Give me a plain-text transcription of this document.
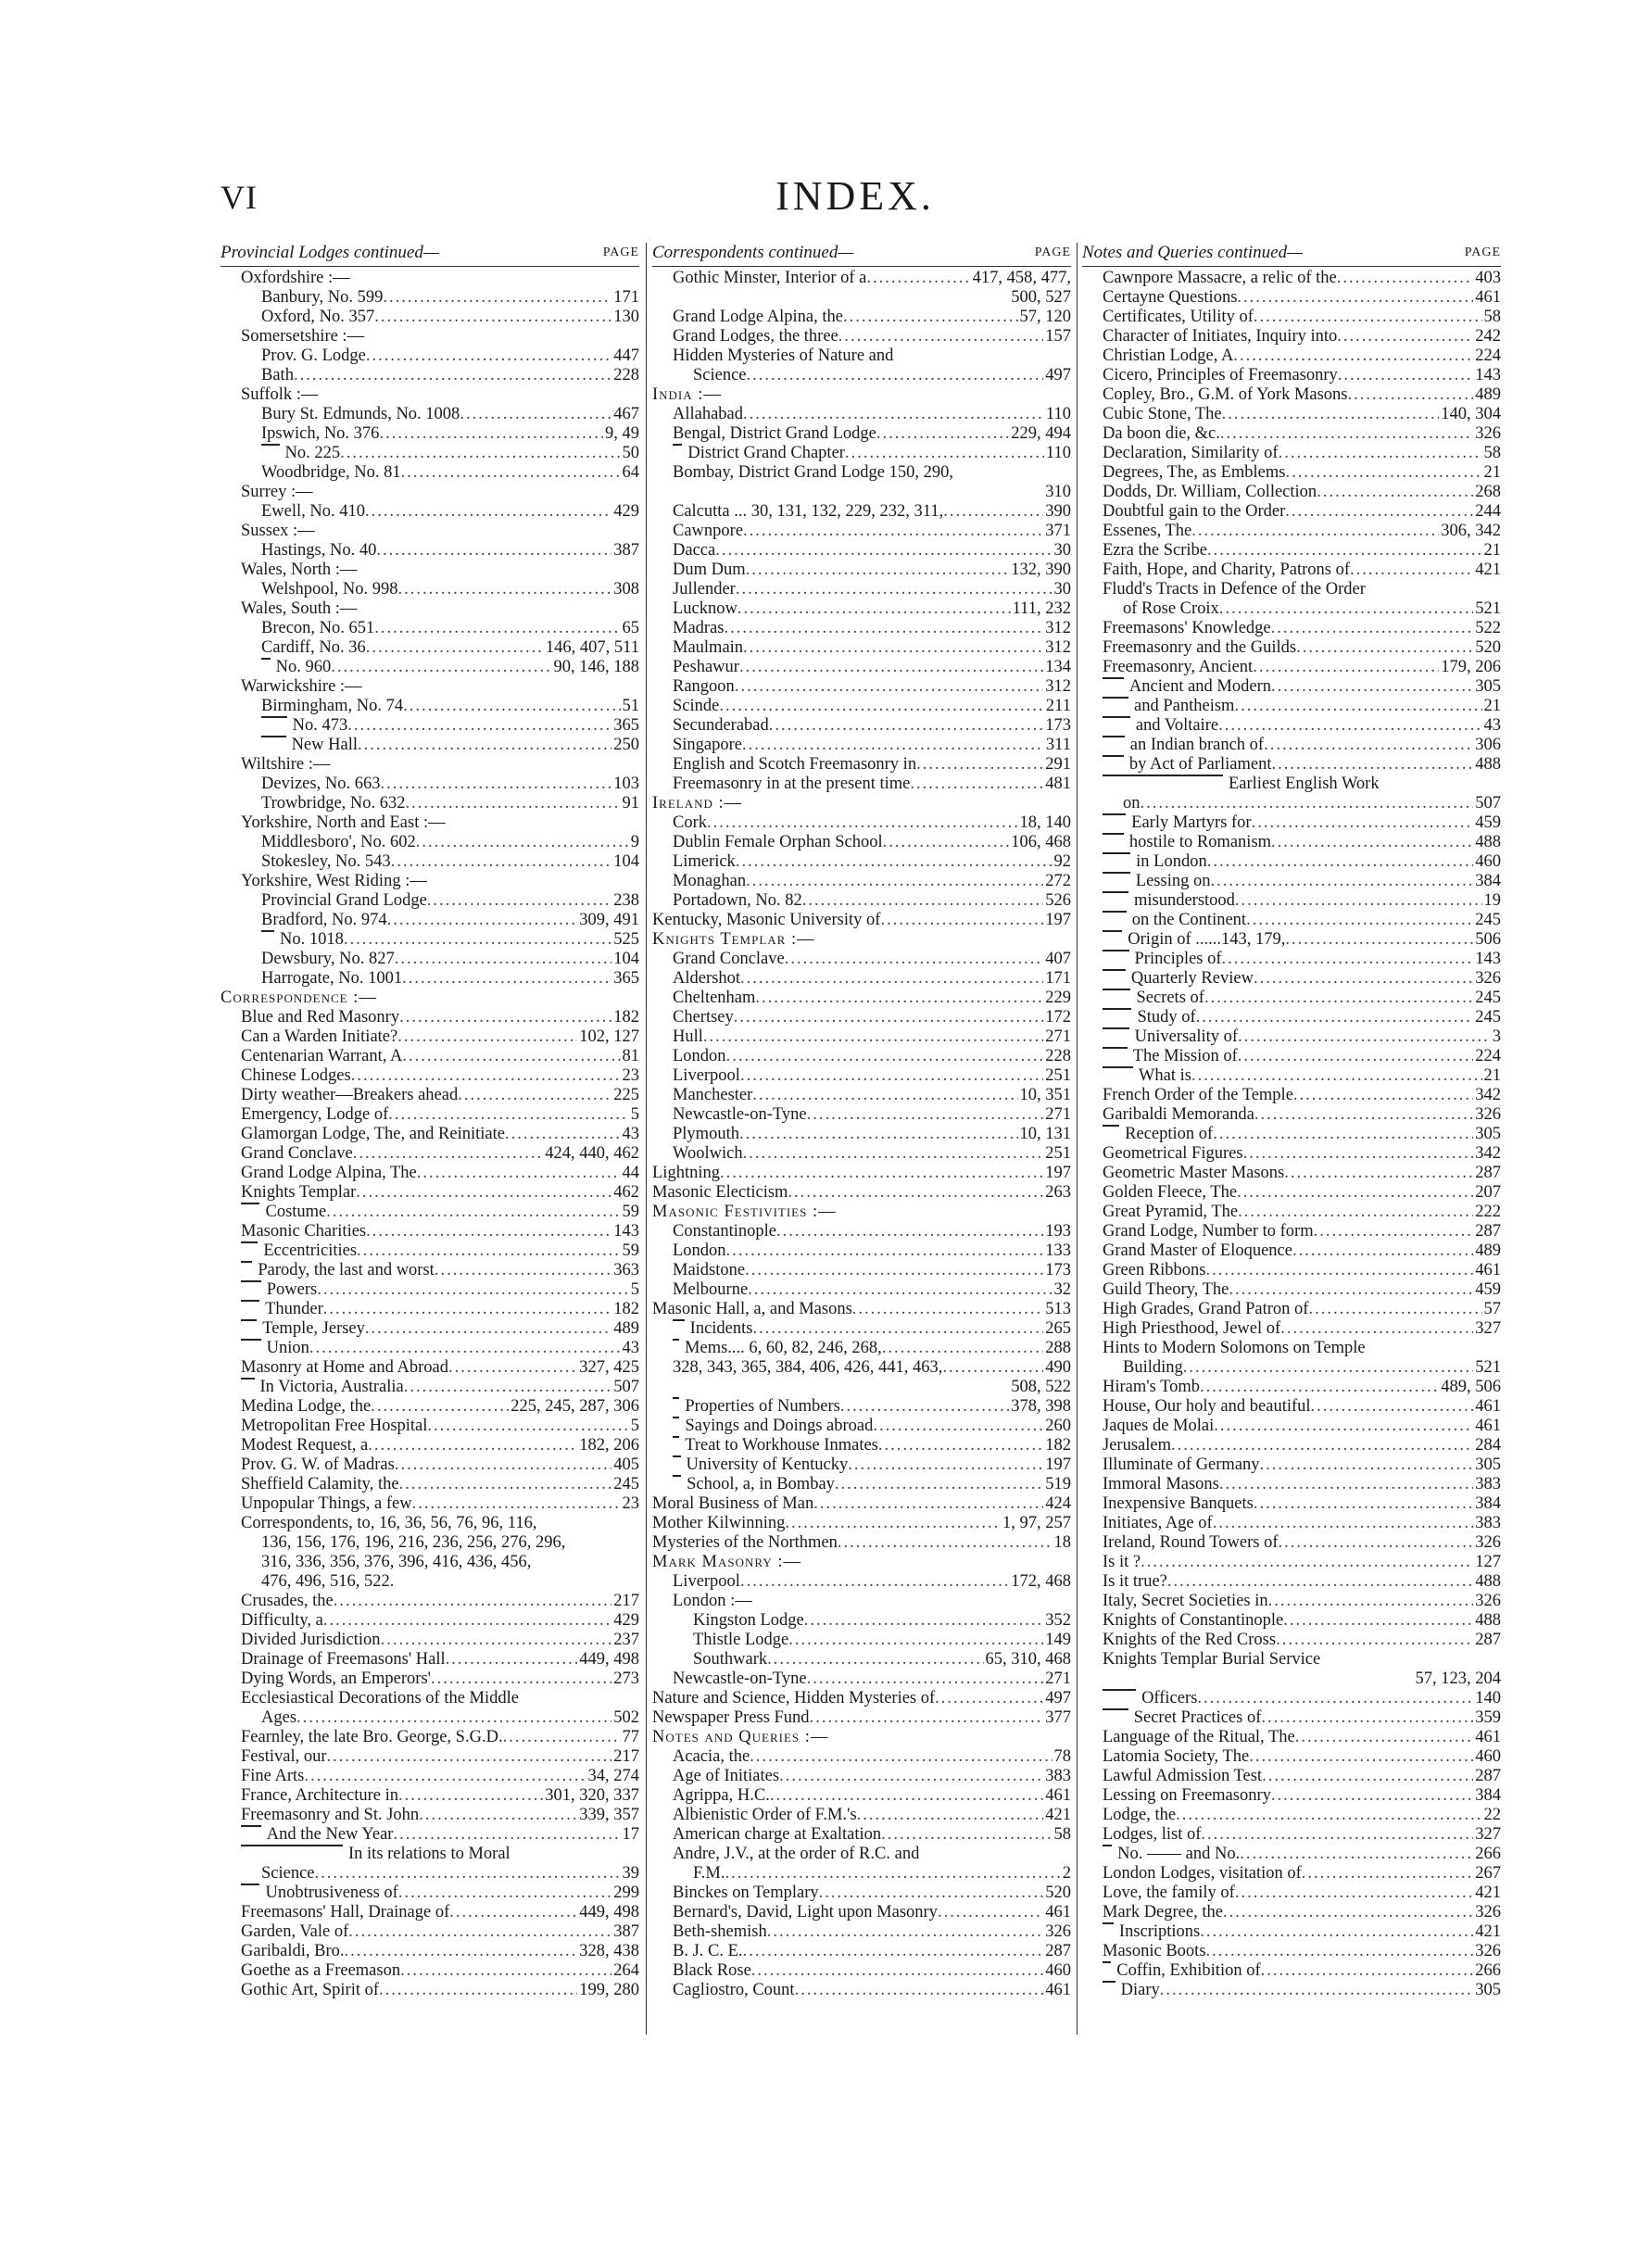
VI	INDEX.
Provincial Lodges continued—	PAGE
Oxfordshire :—
Banbury, No. 599 .....	171
Oxford, No. 357 .....	130
Somersetshire :—
Prov. G. Lodge .....	447
Bath .....	228
Suffolk :—
Bury St. Edmunds, No. 1008 .....	467
Ipswich, No. 376 .....	9, 49
No. 225 .....	50
Woodbridge, No. 81 .....	64
Surrey :—
Ewell, No. 410 .....	429
Sussex :—
Hastings, No. 40 .....	387
Wales, North :—
Welshpool, No. 998 .....	308
Wales, South :—
Brecon, No. 651 .....	65
Cardiff, No. 36 .....	146, 407, 511
No. 960 .....	90, 146, 188
Warwickshire :—
Birmingham, No. 74 .....	51
No. 473 .....	365
New Hall .....	250
Wiltshire :—
Devizes, No. 663 .....	103
Trowbridge, No. 632 .....	91
Yorkshire, North and East :—
Middlesboro', No. 602 .....	9
Stokesley, No. 543 .....	104
Yorkshire, West Riding :—
Provincial Grand Lodge .....	238
Bradford, No. 974 .....	309, 491
No. 1018 .....	525
Dewsbury, No. 827 .....	104
Harrogate, No. 1001 .....	365
Correspondence :—
Blue and Red Masonry .....	182
Can a Warden Initiate? .....	102, 127
Centenarian Warrant, A .....	81
Chinese Lodges .....	23
Dirty weather—Breakers ahead .....	225
Emergency, Lodge of .....	5
Glamorgan Lodge, The, and Reinitiate .....	43
Grand Conclave .....	424, 440, 462
Grand Lodge Alpina, The .....	44
Knights Templar .....	462
Costume .....	59
Masonic Charities .....	143
Eccentricities .....	59
Parody, the last and worst .....	363
Powers .....	5
Thunder .....	182
Temple, Jersey .....	489
Union .....	43
Masonry at Home and Abroad .....	327, 425
In Victoria, Australia .....	507
Medina Lodge, the .....	225, 245, 287, 306
Metropolitan Free Hospital .....	5
Modest Request, a .....	182, 206
Prov. G. W. of Madras .....	405
Sheffield Calamity, the .....	245
Unpopular Things, a few .....	23
Correspondents, to, 16, 36, 56, 76, 96, 116,
136, 156, 176, 196, 216, 236, 256, 276, 296,
316, 336, 356, 376, 396, 416, 436, 456,
476, 496, 516, 522.
Crusades, the .....	217
Difficulty, a .....	429
Divided Jurisdiction .....	237
Drainage of Freemasons' Hall .....	449, 498
Dying Words, an Emperors' .....	273
Ecclesiastical Decorations of the Middle
Ages .....	502
Fearnley, the late Bro. George, S.G.D. .....	77
Festival, our .....	217
Fine Arts .....	34, 274
France, Architecture in .....	301, 320, 337
Freemasonry and St. John .....	339, 357
And the New Year .....	17
In its relations to Moral
Science .....	39
Unobtrusiveness of .....	299
Freemasons' Hall, Drainage of .....	449, 498
Garden, Vale of .....	387
Garibaldi, Bro. .....	328, 438
Goethe as a Freemason .....	264
Gothic Art, Spirit of .....	199, 280
Correspondents continued—	PAGE
Gothic Minster, Interior of a .....	417, 458, 477,
500, 527
Grand Lodge Alpina, the .....	57, 120
Grand Lodges, the three .....	157
Hidden Mysteries of Nature and
Science .....	497
India :—
Allahabad .....	110
Bengal, District Grand Lodge .....	229, 494
District Grand Chapter .....	110
Bombay, District Grand Lodge 150, 290,
310
Calcutta ... 30, 131, 132, 229, 232, 311, .....	390
Cawnpore .....	371
Dacca .....	30
Dum Dum .....	132, 390
Jullender .....	30
Lucknow .....	111, 232
Madras .....	312
Maulmain .....	312
Peshawur .....	134
Rangoon .....	312
Scinde .....	211
Secunderabad .....	173
Singapore .....	311
English and Scotch Freemasonry in .....	291
Freemasonry in at the present time .....	481
Ireland :—
Cork .....	18, 140
Dublin Female Orphan School .....	106, 468
Limerick .....	92
Monaghan .....	272
Portadown, No. 82 .....	526
Kentucky, Masonic University of .....	197
Knights Templar :—
Grand Conclave .....	407
Aldershot .....	171
Cheltenham .....	229
Chertsey .....	172
Hull .....	271
London .....	228
Liverpool .....	251
Manchester .....	10, 351
Newcastle-on-Tyne .....	271
Plymouth .....	10, 131
Woolwich .....	251
Lightning .....	197
Masonic Electicism .....	263
Masonic Festivities :—
Constantinople .....	193
London .....	133
Maidstone .....	173
Melbourne .....	32
Masonic Hall, a, and Masons .....	513
Incidents .....	265
Mems.... 6, 60, 82, 246, 268, .....	288
328, 343, 365, 384, 406, 426, 441, 463, .....	490
508, 522
Properties of Numbers .....	378, 398
Sayings and Doings abroad .....	260
Treat to Workhouse Inmates .....	182
University of Kentucky .....	197
School, a, in Bombay .....	519
Moral Business of Man .....	424
Mother Kilwinning .....	1, 97, 257
Mysteries of the Northmen .....	18
Mark Masonry :—
Liverpool .....	172, 468
London :—
Kingston Lodge .....	352
Thistle Lodge .....	149
Southwark .....	65, 310, 468
Newcastle-on-Tyne .....	271
Nature and Science, Hidden Mysteries of .....	497
Newspaper Press Fund .....	377
Notes and Queries :—
Acacia, the .....	78
Age of Initiates .....	383
Agrippa, H.C. .....	461
Albienistic Order of F.M.'s .....	421
American charge at Exaltation .....	58
Andre, J.V., at the order of R.C. and
F.M. .....	2
Binckes on Templary .....	520
Bernard's, David, Light upon Masonry .....	461
Beth-shemish .....	326
B. J. C. E. .....	287
Black Rose .....	460
Cagliostro, Count .....	461
Notes and Queries continued—	PAGE
Cawnpore Massacre, a relic of the .....	403
Certayne Questions .....	461
Certificates, Utility of .....	58
Character of Initiates, Inquiry into .....	242
Christian Lodge, A .....	224
Cicero, Principles of Freemasonry .....	143
Copley, Bro., G.M. of York Masons .....	489
Cubic Stone, The .....	140, 304
Da boon die, &c. .....	326
Declaration, Similarity of .....	58
Degrees, The, as Emblems .....	21
Dodds, Dr. William, Collection .....	268
Doubtful gain to the Order .....	244
Essenes, The .....	306, 342
Ezra the Scribe .....	21
Faith, Hope, and Charity, Patrons of .....	421
Fludd's Tracts in Defence of the Order
of Rose Croix .....	521
Freemasons' Knowledge .....	522
Freemasonry and the Guilds .....	520
Freemasonry, Ancient .....	179, 206
Ancient and Modern .....	305
and Pantheism .....	21
and Voltaire .....	43
an Indian branch of .....	306
by Act of Parliament .....	488
Earliest English Work
on .....	507
Early Martyrs for .....	459
hostile to Romanism .....	488
in London .....	460
Lessing on .....	384
misunderstood .....	19
on the Continent .....	245
Origin of ......143, 179, .....	506
Principles of .....	143
Quarterly Review .....	326
Secrets of .....	245
Study of .....	245
Universality of .....	3
The Mission of .....	224
What is .....	21
French Order of the Temple .....	342
Garibaldi Memoranda .....	326
Reception of .....	305
Geometrical Figures .....	342
Geometric Master Masons .....	287
Golden Fleece, The .....	207
Great Pyramid, The .....	222
Grand Lodge, Number to form .....	287
Grand Master of Eloquence .....	489
Green Ribbons .....	461
Guild Theory, The .....	459
High Grades, Grand Patron of .....	57
High Priesthood, Jewel of .....	327
Hints to Modern Solomons on Temple
Building .....	521
Hiram's Tomb .....	489, 506
House, Our holy and beautiful .....	461
Jaques de Molai .....	461
Jerusalem .....	284
Illuminate of Germany .....	305
Immoral Masons .....	383
Inexpensive Banquets .....	384
Initiates, Age of .....	383
Ireland, Round Towers of .....	326
Is it ? .....	127
Is it true? .....	488
Italy, Secret Societies in .....	326
Knights of Constantinople .....	488
Knights of the Red Cross .....	287
Knights Templar Burial Service
57, 123, 204
Officers .....	140
Secret Practices of .....	359
Language of the Ritual, The .....	461
Latomia Society, The .....	460
Lawful Admission Test .....	287
Lessing on Freemasonry .....	384
Lodge, the .....	22
Lodges, list of .....	327
No. —— and No. .....	266
London Lodges, visitation of .....	267
Love, the family of .....	421
Mark Degree, the .....	326
Inscriptions .....	421
Masonic Boots .....	326
Coffin, Exhibition of .....	266
Diary .....	305
